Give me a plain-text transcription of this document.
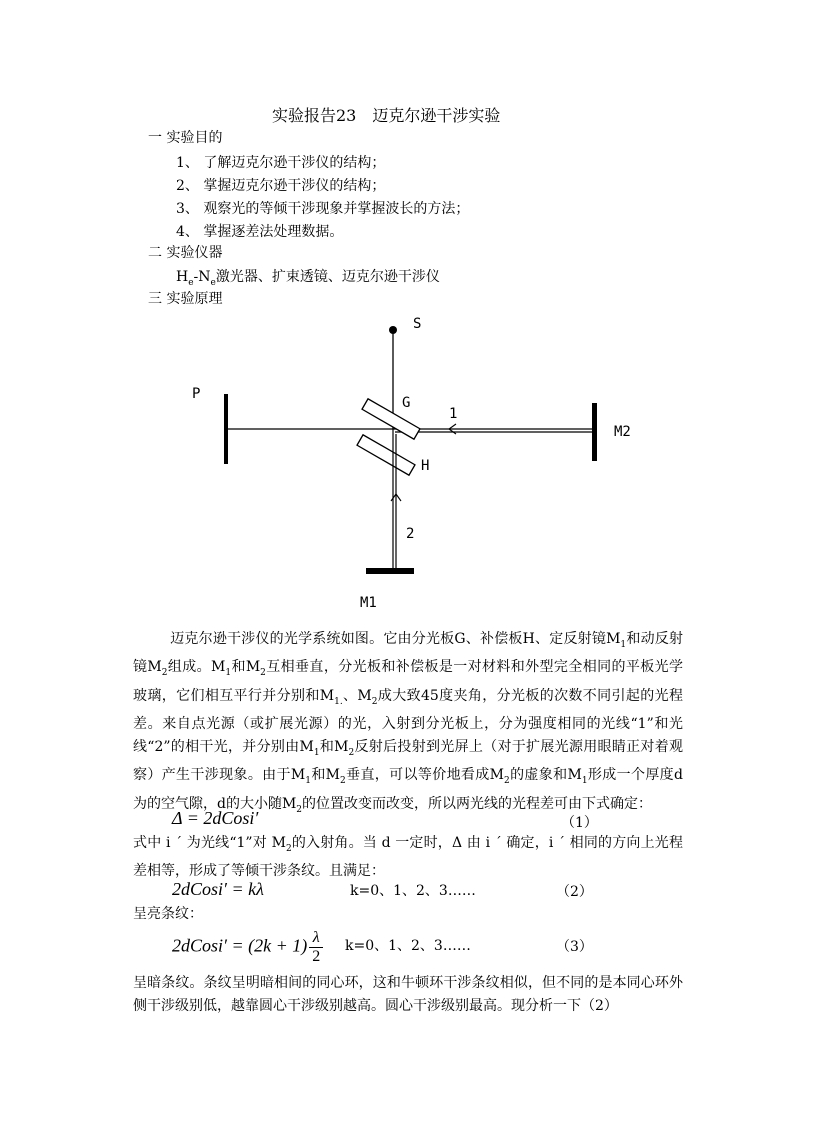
实验报告23　迈克尔逊干涉实验
一 实验目的
1、 了解迈克尔逊干涉仪的结构；
2、 掌握迈克尔逊干涉仪的结构；
3、 观察光的等倾干涉现象并掌握波长的方法；
4、 掌握逐差法处理数据。
二 实验仪器
$H_e-N_e$激光器、扩束透镜、迈克尔逊干涉仪
三 实验原理
S
P
1
M2
G
H
2
M1
迈克尔逊干涉仪的光学系统如图。它由分光板G、补偿板H、定反射镜$M_1$和动反射镜$M_2$组成。$M_1$和$M_2$互相垂直，分光板和补偿板是一对材料和外型完全相同的平板光学玻璃，它们相互平行并分别和$M_{1.}$、$M_2$成大致45度夹角，分光板的次数不同引起的光程差。来自点光源（或扩展光源）的光，入射到分光板上，分为强度相同的光线“1”和光线“2”的相干光，并分别由$M_1$和$M_2$反射后投射到光屏上（对于扩展光源用眼睛正对着观察）产生干涉现象。由于$M_1$和$M_2$垂直，可以等价地看成$M_2$的虚象和$M_1$形成一个厚度d为的空气隙，d的大小随$M_2$的位置改变而改变，所以两光线的光程差可由下式确定：
Δ = 2dCosi′	（1）
式中 i ´ 为光线“1”对 $M_2$的入射角。当 d 一定时，Δ 由 i ´ 确定，i ´ 相同的方向上光程差相等，形成了等倾干涉条纹。且满足：
2dCosi′ = kλ	k=0、1、2、3……	（2）
呈亮条纹：
2dCosi′ = $(2k + 1) \frac{\lambda}{2} k=0$、1、2、3……	（3）
呈暗条纹。条纹呈明暗相间的同心环，这和牛顿环干涉条纹相似，但不同的是本同心环外侧干涉级别低，越靠圆心干涉级别越高。圆心干涉级别最高。现分析一下（2）
